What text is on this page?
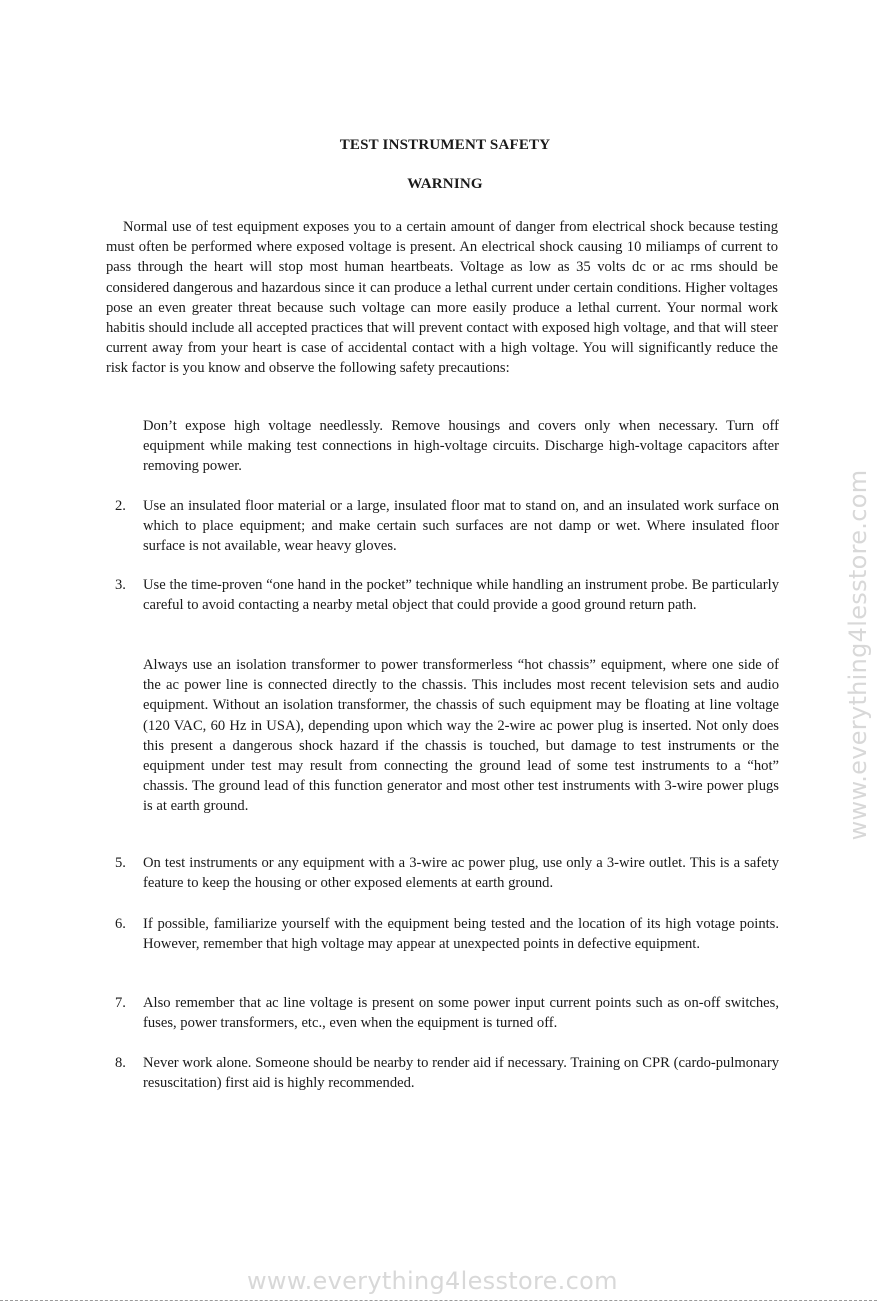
TEST INSTRUMENT SAFETY
WARNING
Normal use of test equipment exposes you to a certain amount of danger from electrical shock because testing must often be performed where exposed voltage is present. An electrical shock causing 10 miliamps of current to pass through the heart will stop most human heartbeats. Voltage as low as 35 volts dc or ac rms should be considered dangerous and hazardous since it can produce a lethal current under certain conditions. Higher voltages pose an even greater threat because such voltage can more easily produce a lethal current. Your normal work habitis should include all accepted practices that will prevent contact with exposed high voltage, and that will steer current away from your heart is case of accidental contact with a high voltage. You will significantly reduce the risk factor is you know and observe the following safety precautions:
Don’t expose high voltage needlessly. Remove housings and covers only when necessary. Turn off equipment while making test connections in high-voltage circuits. Discharge high-voltage capacitors after removing power.
2.	Use an insulated floor material or a large, insulated floor mat to stand on, and an insulated work surface on which to place equipment; and make certain such surfaces are not damp or wet. Where insulated floor surface is not available, wear heavy gloves.
3.	Use the time-proven “one hand in the pocket” technique while handling an instrument probe. Be particularly careful to avoid contacting a nearby metal object that could provide a good ground return path.
Always use an isolation transformer to power transformerless “hot chassis” equipment, where one side of the ac power line is connected directly to the chassis. This includes most recent television sets and audio equipment. Without an isolation transformer, the chassis of such equipment may be floating at line voltage (120 VAC, 60 Hz in USA), depending upon which way the 2-wire ac power plug is inserted. Not only does this present a dangerous shock hazard if the chassis is touched, but damage to test instruments or the equipment under test may result from connecting the ground lead of some test instruments to a “hot” chassis. The ground lead of this function generator and most other test instruments with 3-wire power plugs is at earth ground.
5.	On test instruments or any equipment with a 3-wire ac power plug, use only a 3-wire outlet. This is a safety feature to keep the housing or other exposed elements at earth ground.
6.	If possible, familiarize yourself with the equipment being tested and the location of its high votage points. However, remember that high voltage may appear at unexpected points in defective equipment.
7.	Also remember that ac line voltage is present on some power input current points such as on-off switches, fuses, power transformers, etc., even when the equipment is turned off.
8.	Never work alone. Someone should be nearby to render aid if necessary. Training on CPR (cardo-pulmonary resuscitation) first aid is highly recommended.
www.everything4lesstore.com
www.everything4lesstore.com
